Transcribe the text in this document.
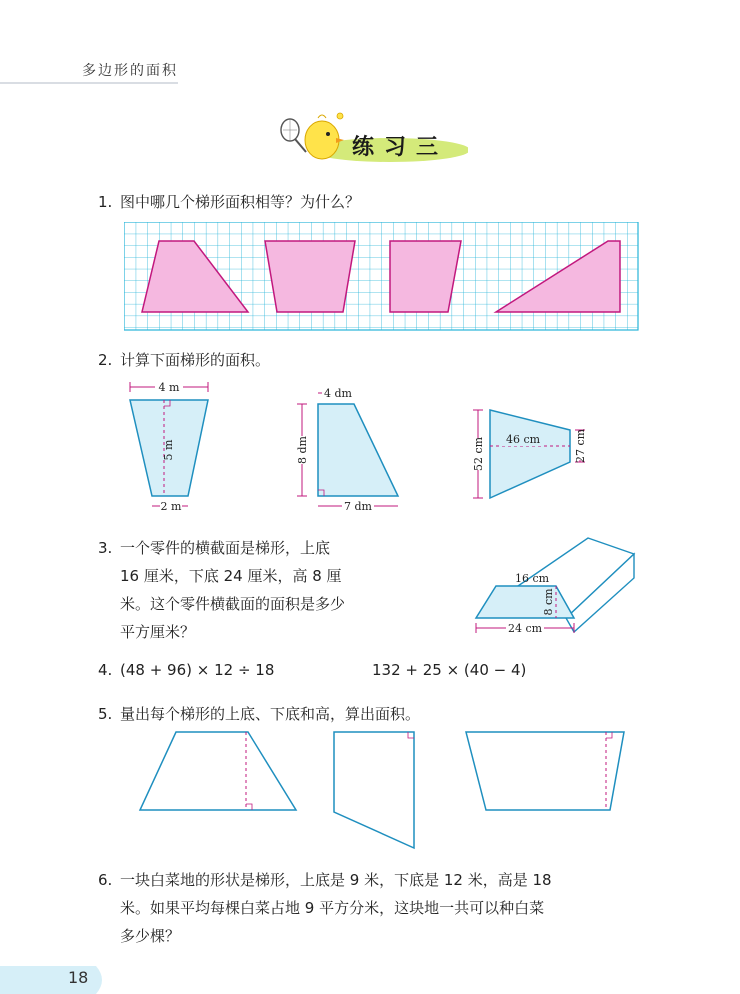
多边形的面积
练习三
1. 图中哪几个梯形面积相等？为什么？
2. 计算下面梯形的面积。
4 m
5 m
2 m
4 dm
8 dm
7 dm
46 cm
52 cm	27 cm
3. 一个零件的横截面是梯形，上底
16 厘米，下底 24 厘米，高 8 厘
米。这个零件横截面的面积是多少
平方厘米？
16 cm
8 cm
24 cm
4. (48 + 96) × 12 ÷ 18	132 + 25 × (40 − 4)
5. 量出每个梯形的上底、下底和高，算出面积。
6. 一块白菜地的形状是梯形，上底是 9 米，下底是 12 米，高是 18
米。如果平均每棵白菜占地 9 平方分米，这块地一共可以种白菜
多少棵？
18
